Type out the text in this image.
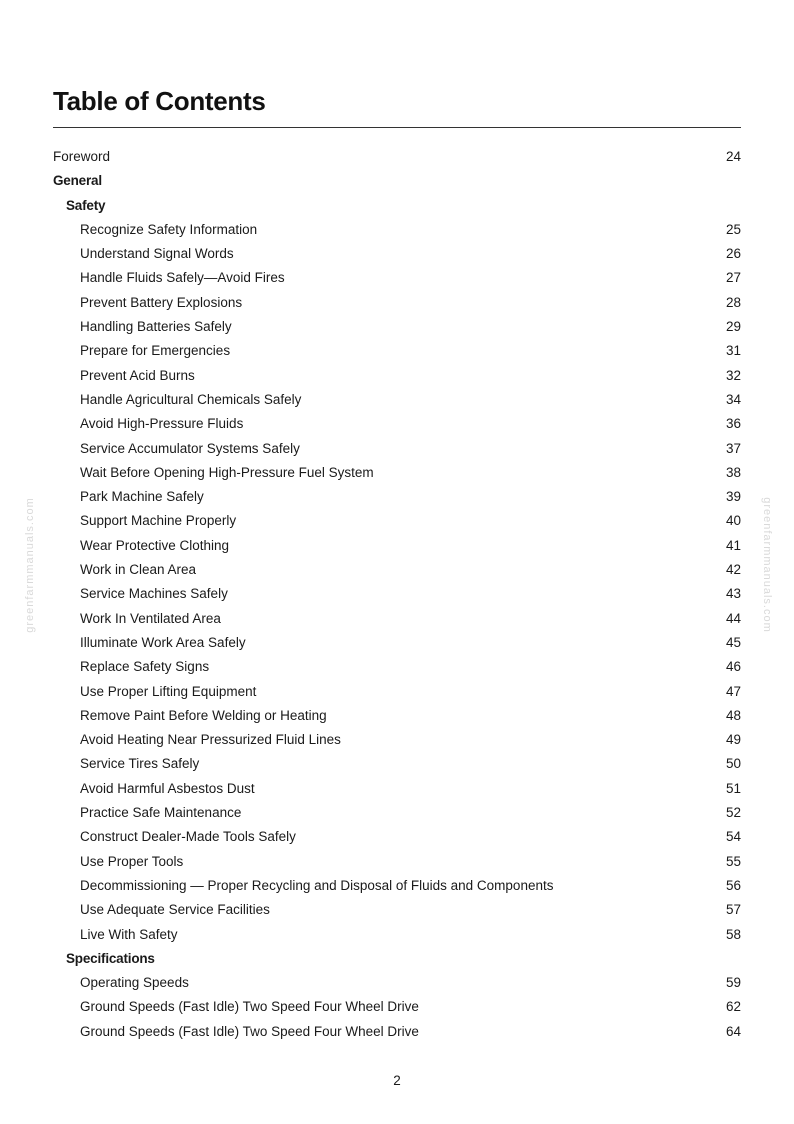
Table of Contents
Foreword	24
General
Safety
Recognize Safety Information	25
Understand Signal Words	26
Handle Fluids Safely—Avoid Fires	27
Prevent Battery Explosions	28
Handling Batteries Safely	29
Prepare for Emergencies	31
Prevent Acid Burns	32
Handle Agricultural Chemicals Safely	34
Avoid High-Pressure Fluids	36
Service Accumulator Systems Safely	37
Wait Before Opening High-Pressure Fuel System	38
Park Machine Safely	39
Support Machine Properly	40
Wear Protective Clothing	41
Work in Clean Area	42
Service Machines Safely	43
Work In Ventilated Area	44
Illuminate Work Area Safely	45
Replace Safety Signs	46
Use Proper Lifting Equipment	47
Remove Paint Before Welding or Heating	48
Avoid Heating Near Pressurized Fluid Lines	49
Service Tires Safely	50
Avoid Harmful Asbestos Dust	51
Practice Safe Maintenance	52
Construct Dealer-Made Tools Safely	54
Use Proper Tools	55
Decommissioning — Proper Recycling and Disposal of Fluids and Components	56
Use Adequate Service Facilities	57
Live With Safety	58
Specifications
Operating Speeds	59
Ground Speeds (Fast Idle) Two Speed Four Wheel Drive	62
Ground Speeds (Fast Idle) Two Speed Four Wheel Drive	64
greenfarmmanuals.com	greenfarmmanuals.com
2
